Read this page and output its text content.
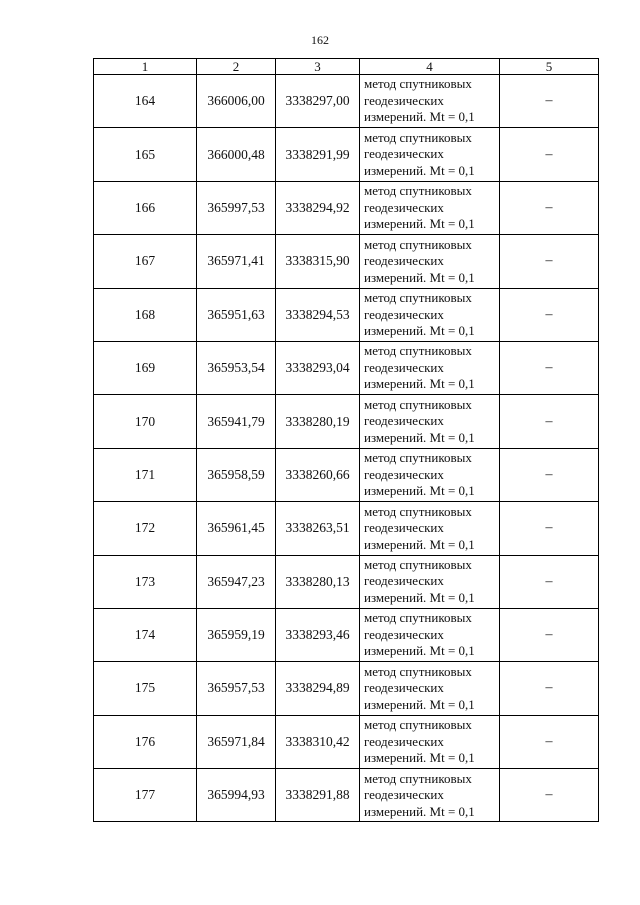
162
1	2	3	4	5
164	366006,00	3338297,00	метод спутниковых
геодезических
измерений. Mt = 0,1	–
165	366000,48	3338291,99	метод спутниковых
геодезических
измерений. Mt = 0,1	–
166	365997,53	3338294,92	метод спутниковых
геодезических
измерений. Mt = 0,1	–
167	365971,41	3338315,90	метод спутниковых
геодезических
измерений. Mt = 0,1	–
168	365951,63	3338294,53	метод спутниковых
геодезических
измерений. Mt = 0,1	–
169	365953,54	3338293,04	метод спутниковых
геодезических
измерений. Mt = 0,1	–
170	365941,79	3338280,19	метод спутниковых
геодезических
измерений. Mt = 0,1	–
171	365958,59	3338260,66	метод спутниковых
геодезических
измерений. Mt = 0,1	–
172	365961,45	3338263,51	метод спутниковых
геодезических
измерений. Mt = 0,1	–
173	365947,23	3338280,13	метод спутниковых
геодезических
измерений. Mt = 0,1	–
174	365959,19	3338293,46	метод спутниковых
геодезических
измерений. Mt = 0,1	–
175	365957,53	3338294,89	метод спутниковых
геодезических
измерений. Mt = 0,1	–
176	365971,84	3338310,42	метод спутниковых
геодезических
измерений. Mt = 0,1	–
177	365994,93	3338291,88	метод спутниковых
геодезических
измерений. Mt = 0,1	–
